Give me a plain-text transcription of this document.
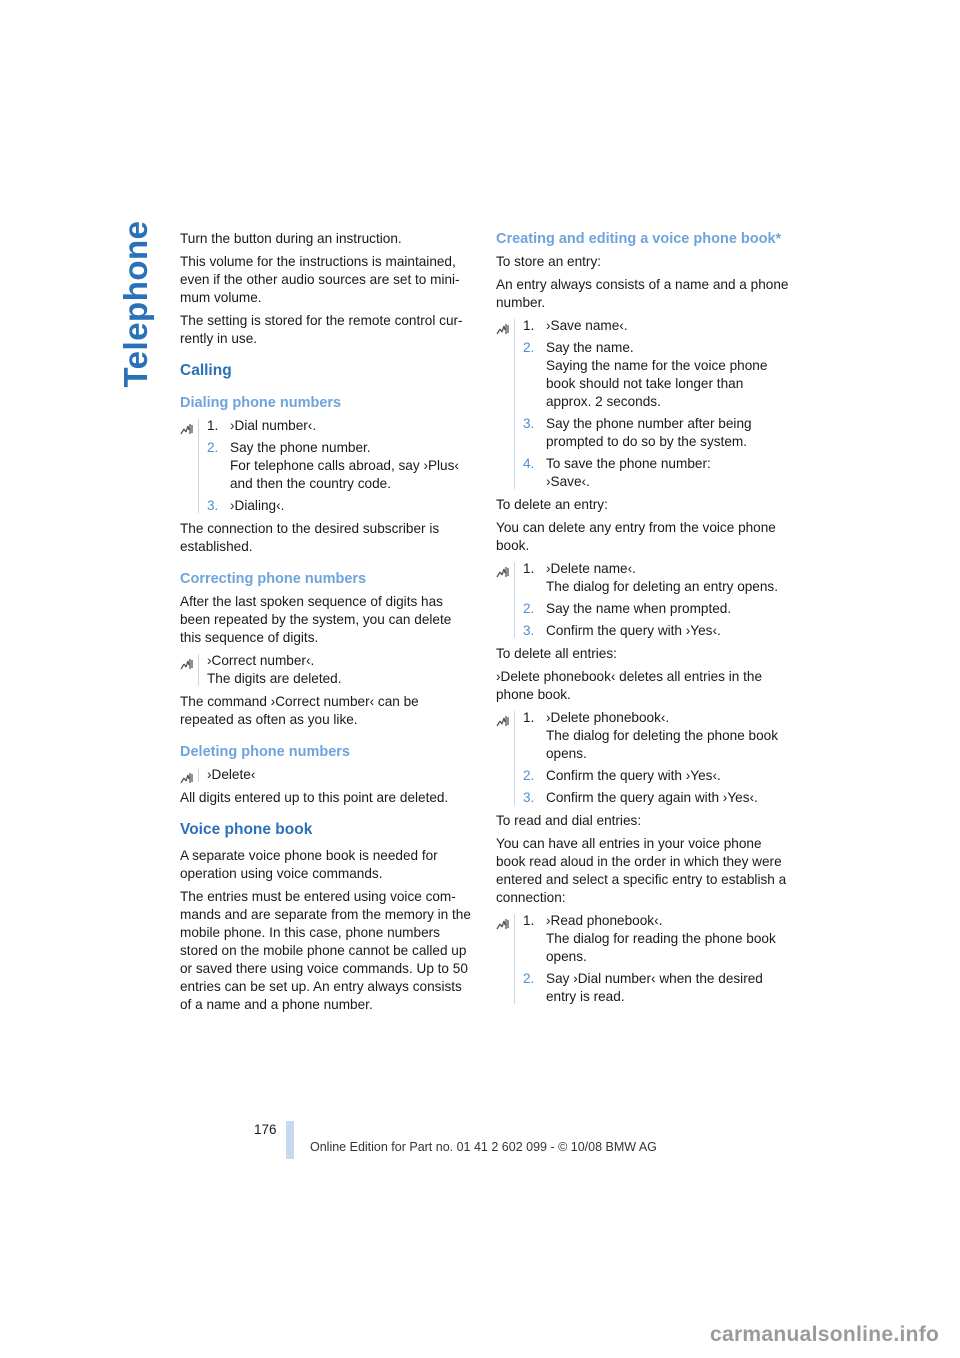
Telephone Turn the button during an instruction.

This volume for the instructions is maintained, even if the other audio sources are set to mini-mum volume.

The setting is stored for the remote control cur-rently in use.

Calling
Dialing phone numbers
1. ›Dial number‹.
2. Say the phone number.
For telephone calls abroad, say ›Plus‹ and then the country code.
3. ›Dialing‹.

The connection to the desired subscriber is established.

Correcting phone numbers

After the last spoken sequence of digits has been repeated by the system, you can delete this sequence of digits.

›Correct number‹.
The digits are deleted.

The command ›Correct number‹ can be repeated as often as you like.

Deleting phone numbers
›Delete‹

All digits entered up to this point are deleted.

Voice phone book

A separate voice phone book is needed for operation using voice commands.

The entries must be entered using voice com-mands and are separate from the memory in the mobile phone. In this case, phone numbers stored on the mobile phone cannot be called up or saved there using voice commands. Up to 50 entries can be set up. An entry always consists of a name and a phone number.

Creating and editing a voice phone book*

To store an entry:

An entry always consists of a name and a phone number.

1. ›Save name‹.
2. Say the name.
Saying the name for the voice phone book should not take longer than approx. 2 seconds.
3. Say the phone number after being prompted to do so by the system.
4. To save the phone number:
›Save‹.

To delete an entry:

You can delete any entry from the voice phone book.

1. ›Delete name‹.
The dialog for deleting an entry opens.
2. Say the name when prompted.
3. Confirm the query with ›Yes‹.

To delete all entries:

›Delete phonebook‹ deletes all entries in the phone book.

1. ›Delete phonebook‹.
The dialog for deleting the phone book opens.
2. Confirm the query with ›Yes‹.
3. Confirm the query again with ›Yes‹.

To read and dial entries:

You can have all entries in your voice phone book read aloud in the order in which they were entered and select a specific entry to establish a connection:

1. ›Read phonebook‹.
The dialog for reading the phone book opens.
2. Say ›Dial number‹ when the desired entry is read.
176
Online Edition for Part no. 01 41 2 602 099 - © 10/08 BMW AG
carmanualsonline.info
